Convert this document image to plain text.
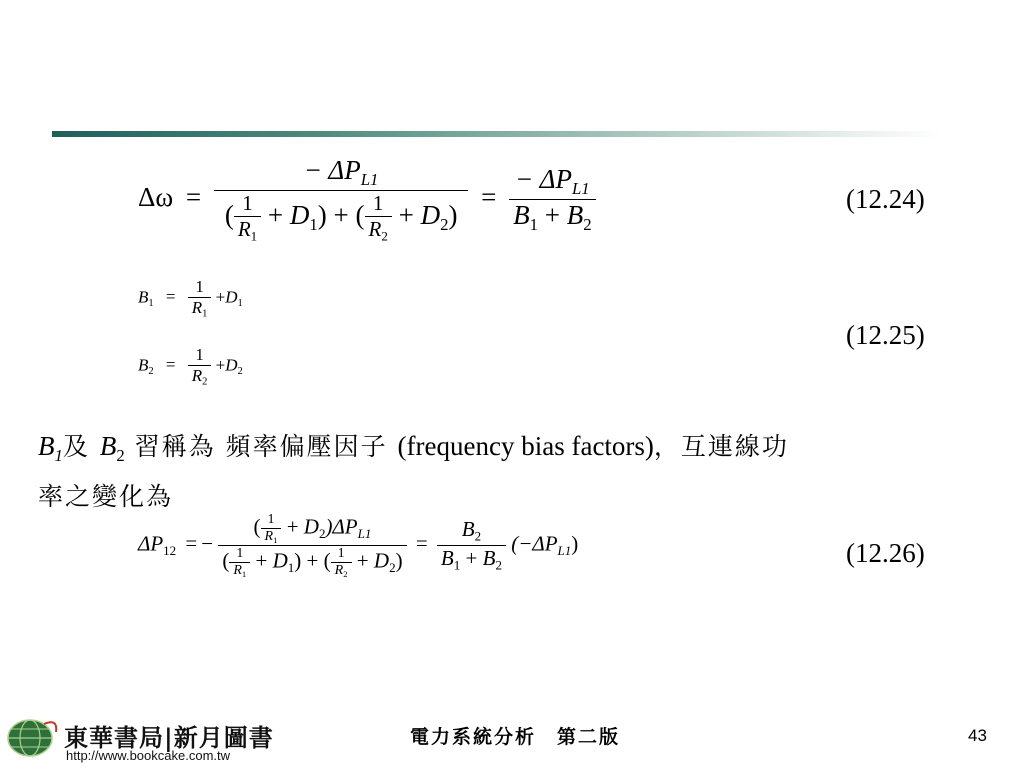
$\Delta\omega = \frac{- \Delta P_{L1}}{( \frac{1}{R_1} + D_1) + ( \frac{1}{R_2} + D_2)} = \frac{- \Delta P_{L1}}{B_1 + B_2}$	(12.24)
$B_1 = \frac{1}{R_1} +D_1$
$B_2 = \frac{1}{R_2} +D_2$
(12.25)
$B_1$及 $B_2$ 習稱為 頻率偏壓因子 (frequency bias factors)，互連線功
率之變化為
$\Delta P_{12}$ = − $\frac{( \frac{1}{R_1} + D_2)\Delta P_{L1}}{( \frac{1}{R_1} + D_1) + ( \frac{1}{R_2} + D_2)} = \frac{B_2}{B_1 + B_2} (-\Delta P_{L1})$	(12.26)
東華書局|新月圖書
http://www.bookcake.com.tw
電力系統分析　第二版	43
